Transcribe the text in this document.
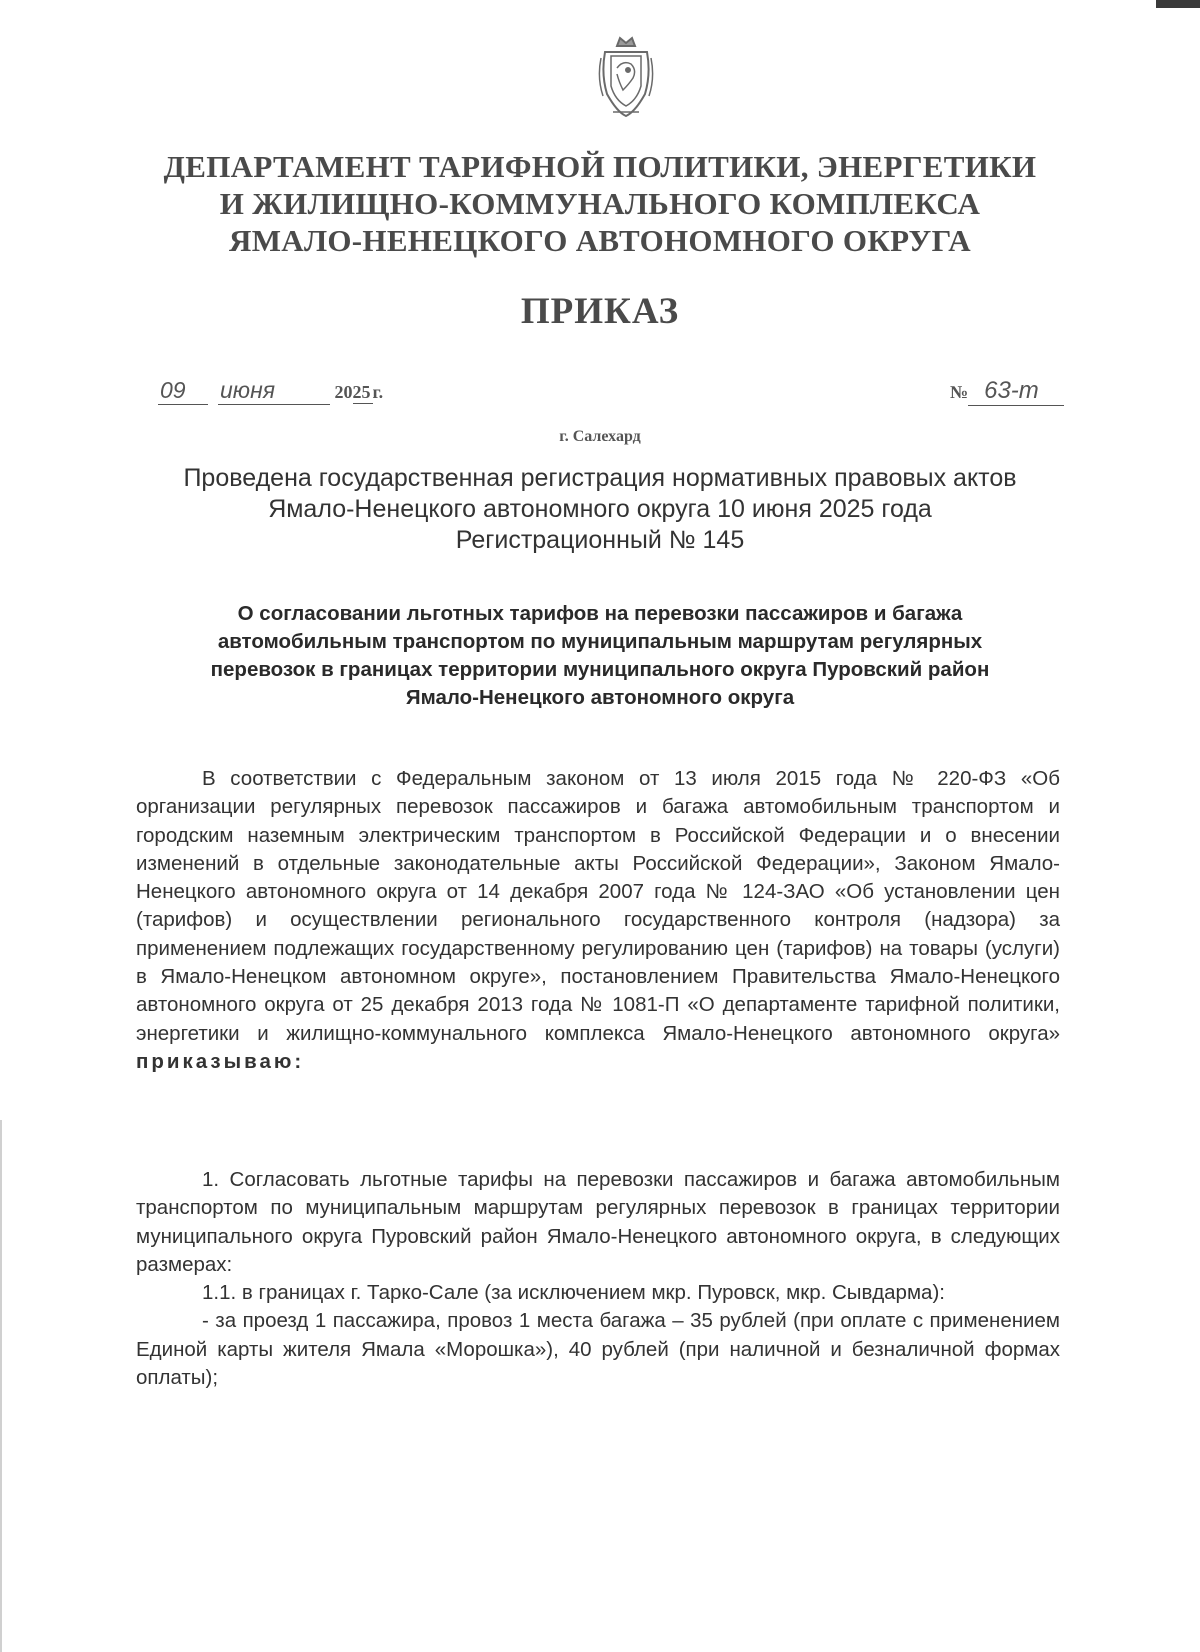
ДЕПАРТАМЕНТ ТАРИФНОЙ ПОЛИТИКИ, ЭНЕРГЕТИКИ
И ЖИЛИЩНО-КОММУНАЛЬНОГО КОМПЛЕКСА
ЯМАЛО-НЕНЕЦКОГО АВТОНОМНОГО ОКРУГА
ПРИКАЗ
09 июня	2025 г.	№ 63-т
г. Салехард
Проведена государственная регистрация нормативных правовых актов
Ямало-Ненецкого автономного округа 10 июня 2025 года
Регистрационный № 145
О согласовании льготных тарифов на перевозки пассажиров и багажа
автомобильным транспортом по муниципальным маршрутам регулярных
перевозок в границах территории муниципального округа Пуровский район
Ямало-Ненецкого автономного округа

В соответствии с Федеральным законом от 13 июля 2015 года № 220-ФЗ «Об организации регулярных перевозок пассажиров и багажа автомобильным транспортом и городским наземным электрическим транспортом в Российской Федерации и о внесении изменений в отдельные законодательные акты Российской Федерации», Законом Ямало-Ненецкого автономного округа от 14 декабря 2007 года № 124-ЗАО «Об установлении цен (тарифов) и осуществлении регионального государственного контроля (надзора) за применением подлежащих государственному регулированию цен (тарифов) на товары (услуги) в Ямало-Ненецком автономном округе», постановлением Правительства Ямало-Ненецкого автономного округа от 25 декабря 2013 года № 1081-П «О департаменте тарифной политики, энергетики и жилищно-коммунального комплекса Ямало-Ненецкого автономного округа» приказываю:

1. Согласовать льготные тарифы на перевозки пассажиров и багажа автомобильным транспортом по муниципальным маршрутам регулярных перевозок в границах территории муниципального округа Пуровский район Ямало-Ненецкого автономного округа, в следующих размерах:

1.1. в границах г. Тарко-Сале (за исключением мкр. Пуровск, мкр. Сывдарма):

- за проезд 1 пассажира, провоз 1 места багажа – 35 рублей (при оплате с применением Единой карты жителя Ямала «Морошка»), 40 рублей (при наличной и безналичной формах оплаты);
